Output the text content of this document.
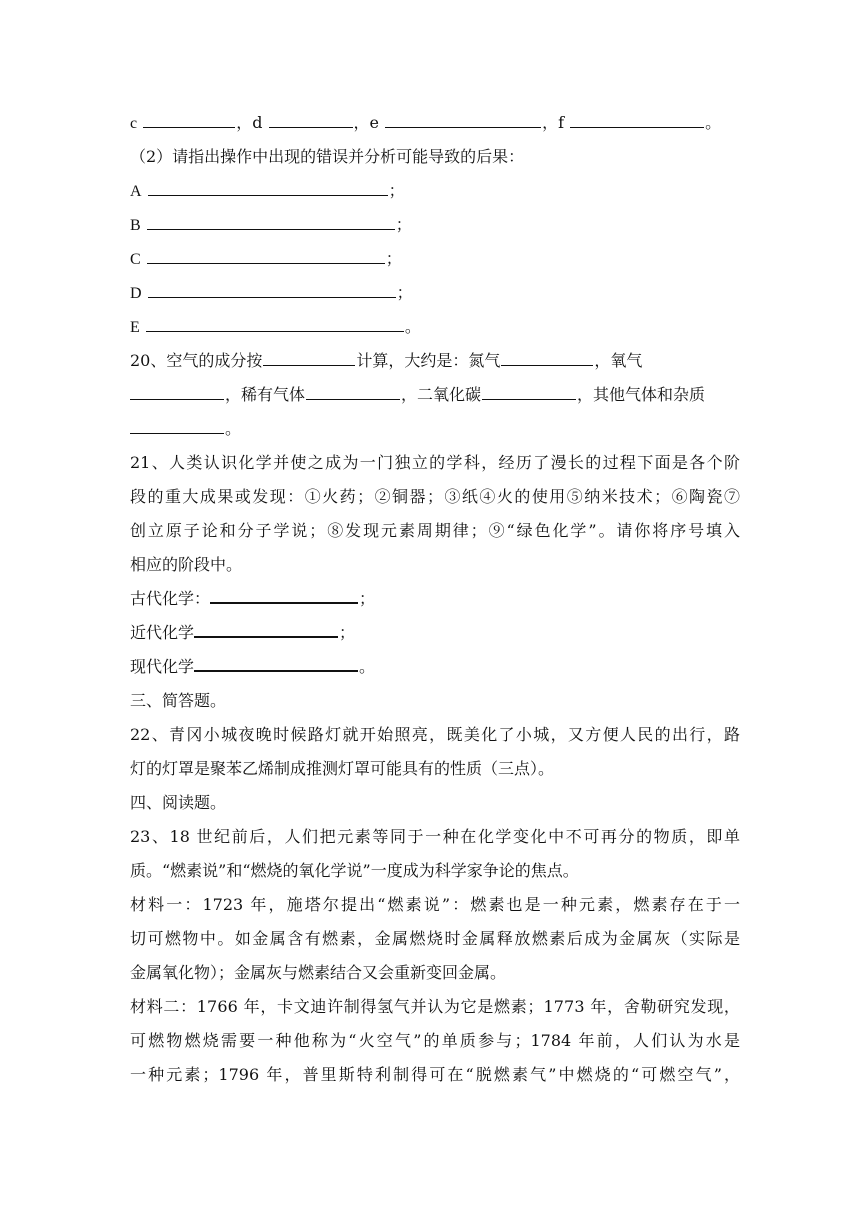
c	，d	，e	，f	。
（2）请指出操作中出现的错误并分析可能导致的后果：
A	；
B	；
C	；
D	；
E	。
20、空气的成分按	计算，大约是：氮气	，氧气
，稀有气体	，二氧化碳	，其他气体和杂质
。
21、人类认识化学并使之成为一门独立的学科，经历了漫长的过程下面是各个阶
段的重大成果或发现：①火药；②铜器；③纸④火的使用⑤纳米技术；⑥陶瓷⑦
创立原子论和分子学说；⑧发现元素周期律；⑨“绿色化学”。请你将序号填入
相应的阶段中。
古代化学：	；
近代化学	；
现代化学	。
三、简答题。
22、青冈小城夜晚时候路灯就开始照亮，既美化了小城，又方便人民的出行，路
灯的灯罩是聚苯乙烯制成推测灯罩可能具有的性质（三点）。
四、阅读题。
23、18 世纪前后，人们把元素等同于一种在化学变化中不可再分的物质，即单
质。“燃素说”和“燃烧的氧化学说”一度成为科学家争论的焦点。
材料一：1723 年，施塔尔提出“燃素说”：燃素也是一种元素，燃素存在于一
切可燃物中。如金属含有燃素，金属燃烧时金属释放燃素后成为金属灰（实际是
金属氧化物）；金属灰与燃素结合又会重新变回金属。
材料二：1766 年，卡文迪许制得氢气并认为它是燃素；1773 年，舍勒研究发现，
可燃物燃烧需要一种他称为“火空气”的单质参与；1784 年前，人们认为水是
一种元素；1796 年，普里斯特利制得可在“脱燃素气”中燃烧的“可燃空气”，
